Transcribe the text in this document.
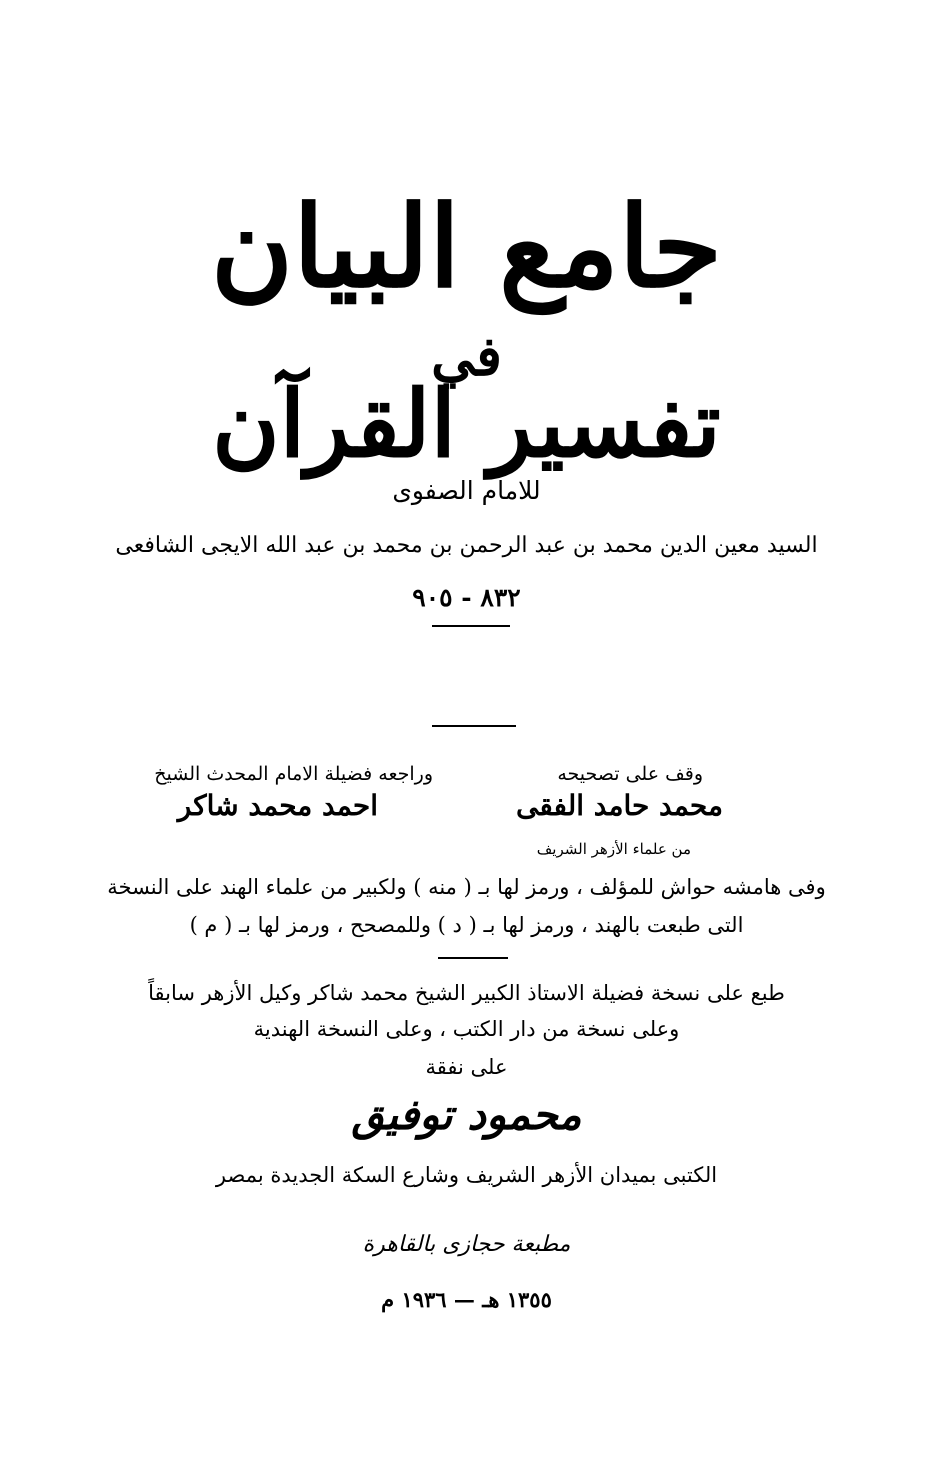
جامع البيان
في
تفسير القرآن
للامام الصفوى
السيد معين الدين محمد بن عبد الرحمن بن محمد بن عبد الله الايجى الشافعى
٨٣٢ - ٩٠٥
وقف على تصحيحه
محمد حامد الفقى
من علماء الأزهر الشريف
وراجعه فضيلة الامام المحدث الشيخ
احمد محمد شاكر
وفى هامشه حواش للمؤلف ، ورمز لها بـ ( منه ) ولكبير من علماء الهند على النسخة
التى طبعت بالهند ، ورمز لها بـ ( د ) وللمصحح ، ورمز لها بـ ( م )
طبع على نسخة فضيلة الاستاذ الكبير الشيخ محمد شاكر وكيل الأزهر سابقاً
وعلى نسخة من دار الكتب ، وعلى النسخة الهندية
على نفقة
محمود توفيق
الكتبى بميدان الأزهر الشريف وشارع السكة الجديدة بمصر
مطبعة حجازى بالقاهرة
١٣٥٥ هـ — ١٩٣٦ م
